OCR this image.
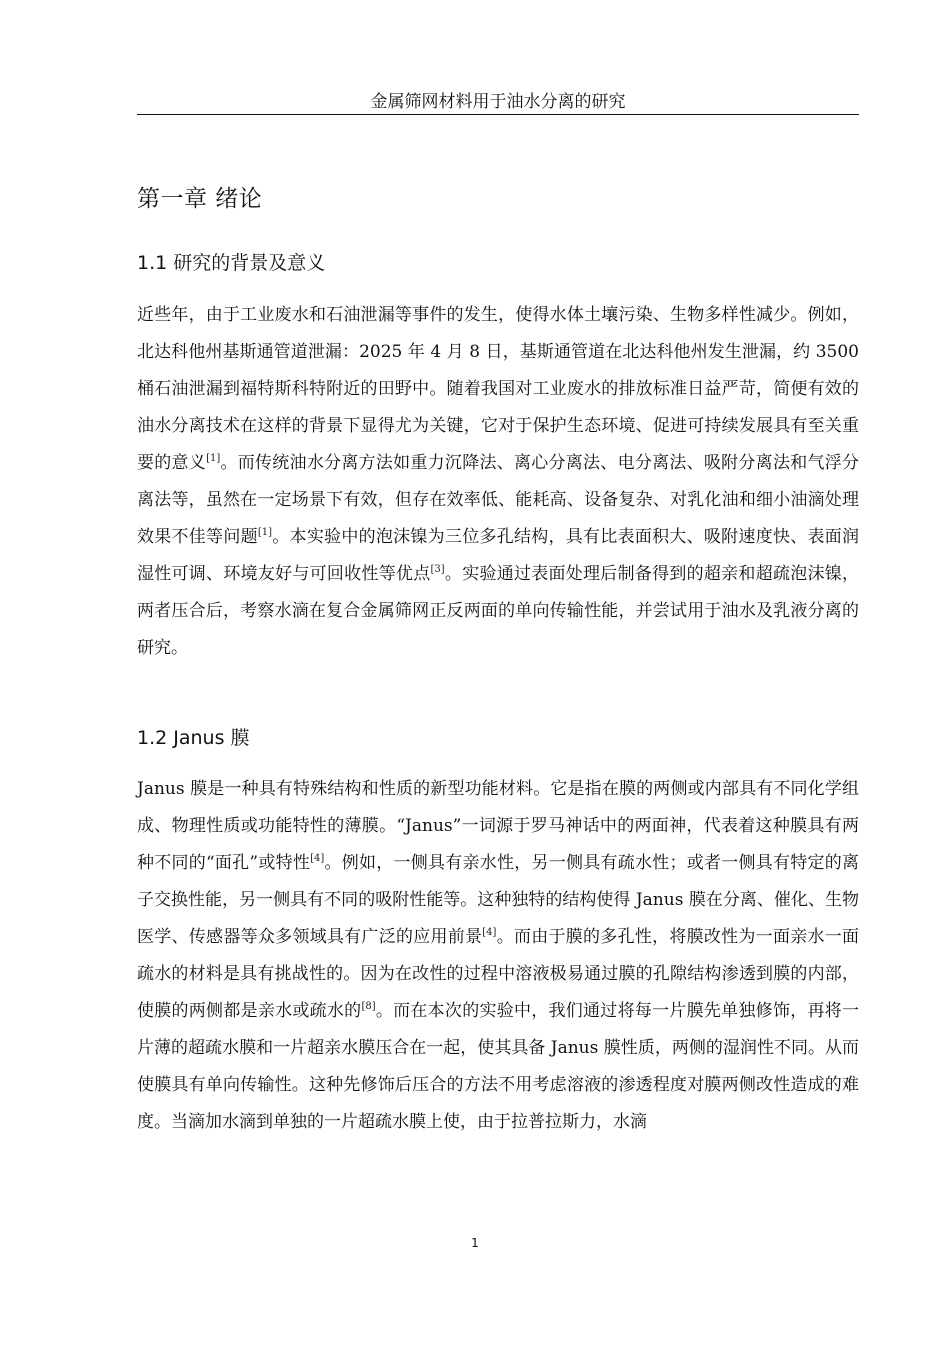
金属筛网材料用于油水分离的研究
第一章 绪论
1.1 研究的背景及意义

近些年，由于工业废水和石油泄漏等事件的发生，使得水体土壤污染、生物多样性减少。例如，北达科他州基斯通管道泄漏：2025 年 4 月 8 日，基斯通管道在北达科他州发生泄漏，约 3500 桶石油泄漏到福特斯科特附近的田野中。随着我国对工业废水的排放标准日益严苛，简便有效的油水分离技术在这样的背景下显得尤为关键，它对于保护生态环境、促进可持续发展具有至关重要的意义[1]。而传统油水分离方法如重力沉降法、离心分离法、电分离法、吸附分离法和气浮分离法等，虽然在一定场景下有效，但存在效率低、能耗高、设备复杂、对乳化油和细小油滴处理效果不佳等问题[1]。本实验中的泡沫镍为三位多孔结构，具有比表面积大、吸附速度快、表面润湿性可调、环境友好与可回收性等优点[3]。实验通过表面处理后制备得到的超亲和超疏泡沫镍，两者压合后，考察水滴在复合金属筛网正反两面的单向传输性能，并尝试用于油水及乳液分离的研究。

1.2 Janus 膜

Janus 膜是一种具有特殊结构和性质的新型功能材料。它是指在膜的两侧或内部具有不同化学组成、物理性质或功能特性的薄膜。“Janus”一词源于罗马神话中的两面神，代表着这种膜具有两种不同的“面孔”或特性[4]。例如，一侧具有亲水性，另一侧具有疏水性；或者一侧具有特定的离子交换性能，另一侧具有不同的吸附性能等。这种独特的结构使得 Janus 膜在分离、催化、生物医学、传感器等众多领域具有广泛的应用前景[4]。而由于膜的多孔性，将膜改性为一面亲水一面疏水的材料是具有挑战性的。因为在改性的过程中溶液极易通过膜的孔隙结构渗透到膜的内部，使膜的两侧都是亲水或疏水的[8]。而在本次的实验中，我们通过将每一片膜先单独修饰，再将一片薄的超疏水膜和一片超亲水膜压合在一起，使其具备 Janus 膜性质，两侧的湿润性不同。从而使膜具有单向传输性。这种先修饰后压合的方法不用考虑溶液的渗透程度对膜两侧改性造成的难度。当滴加水滴到单独的一片超疏水膜上使，由于拉普拉斯力，水滴

1
